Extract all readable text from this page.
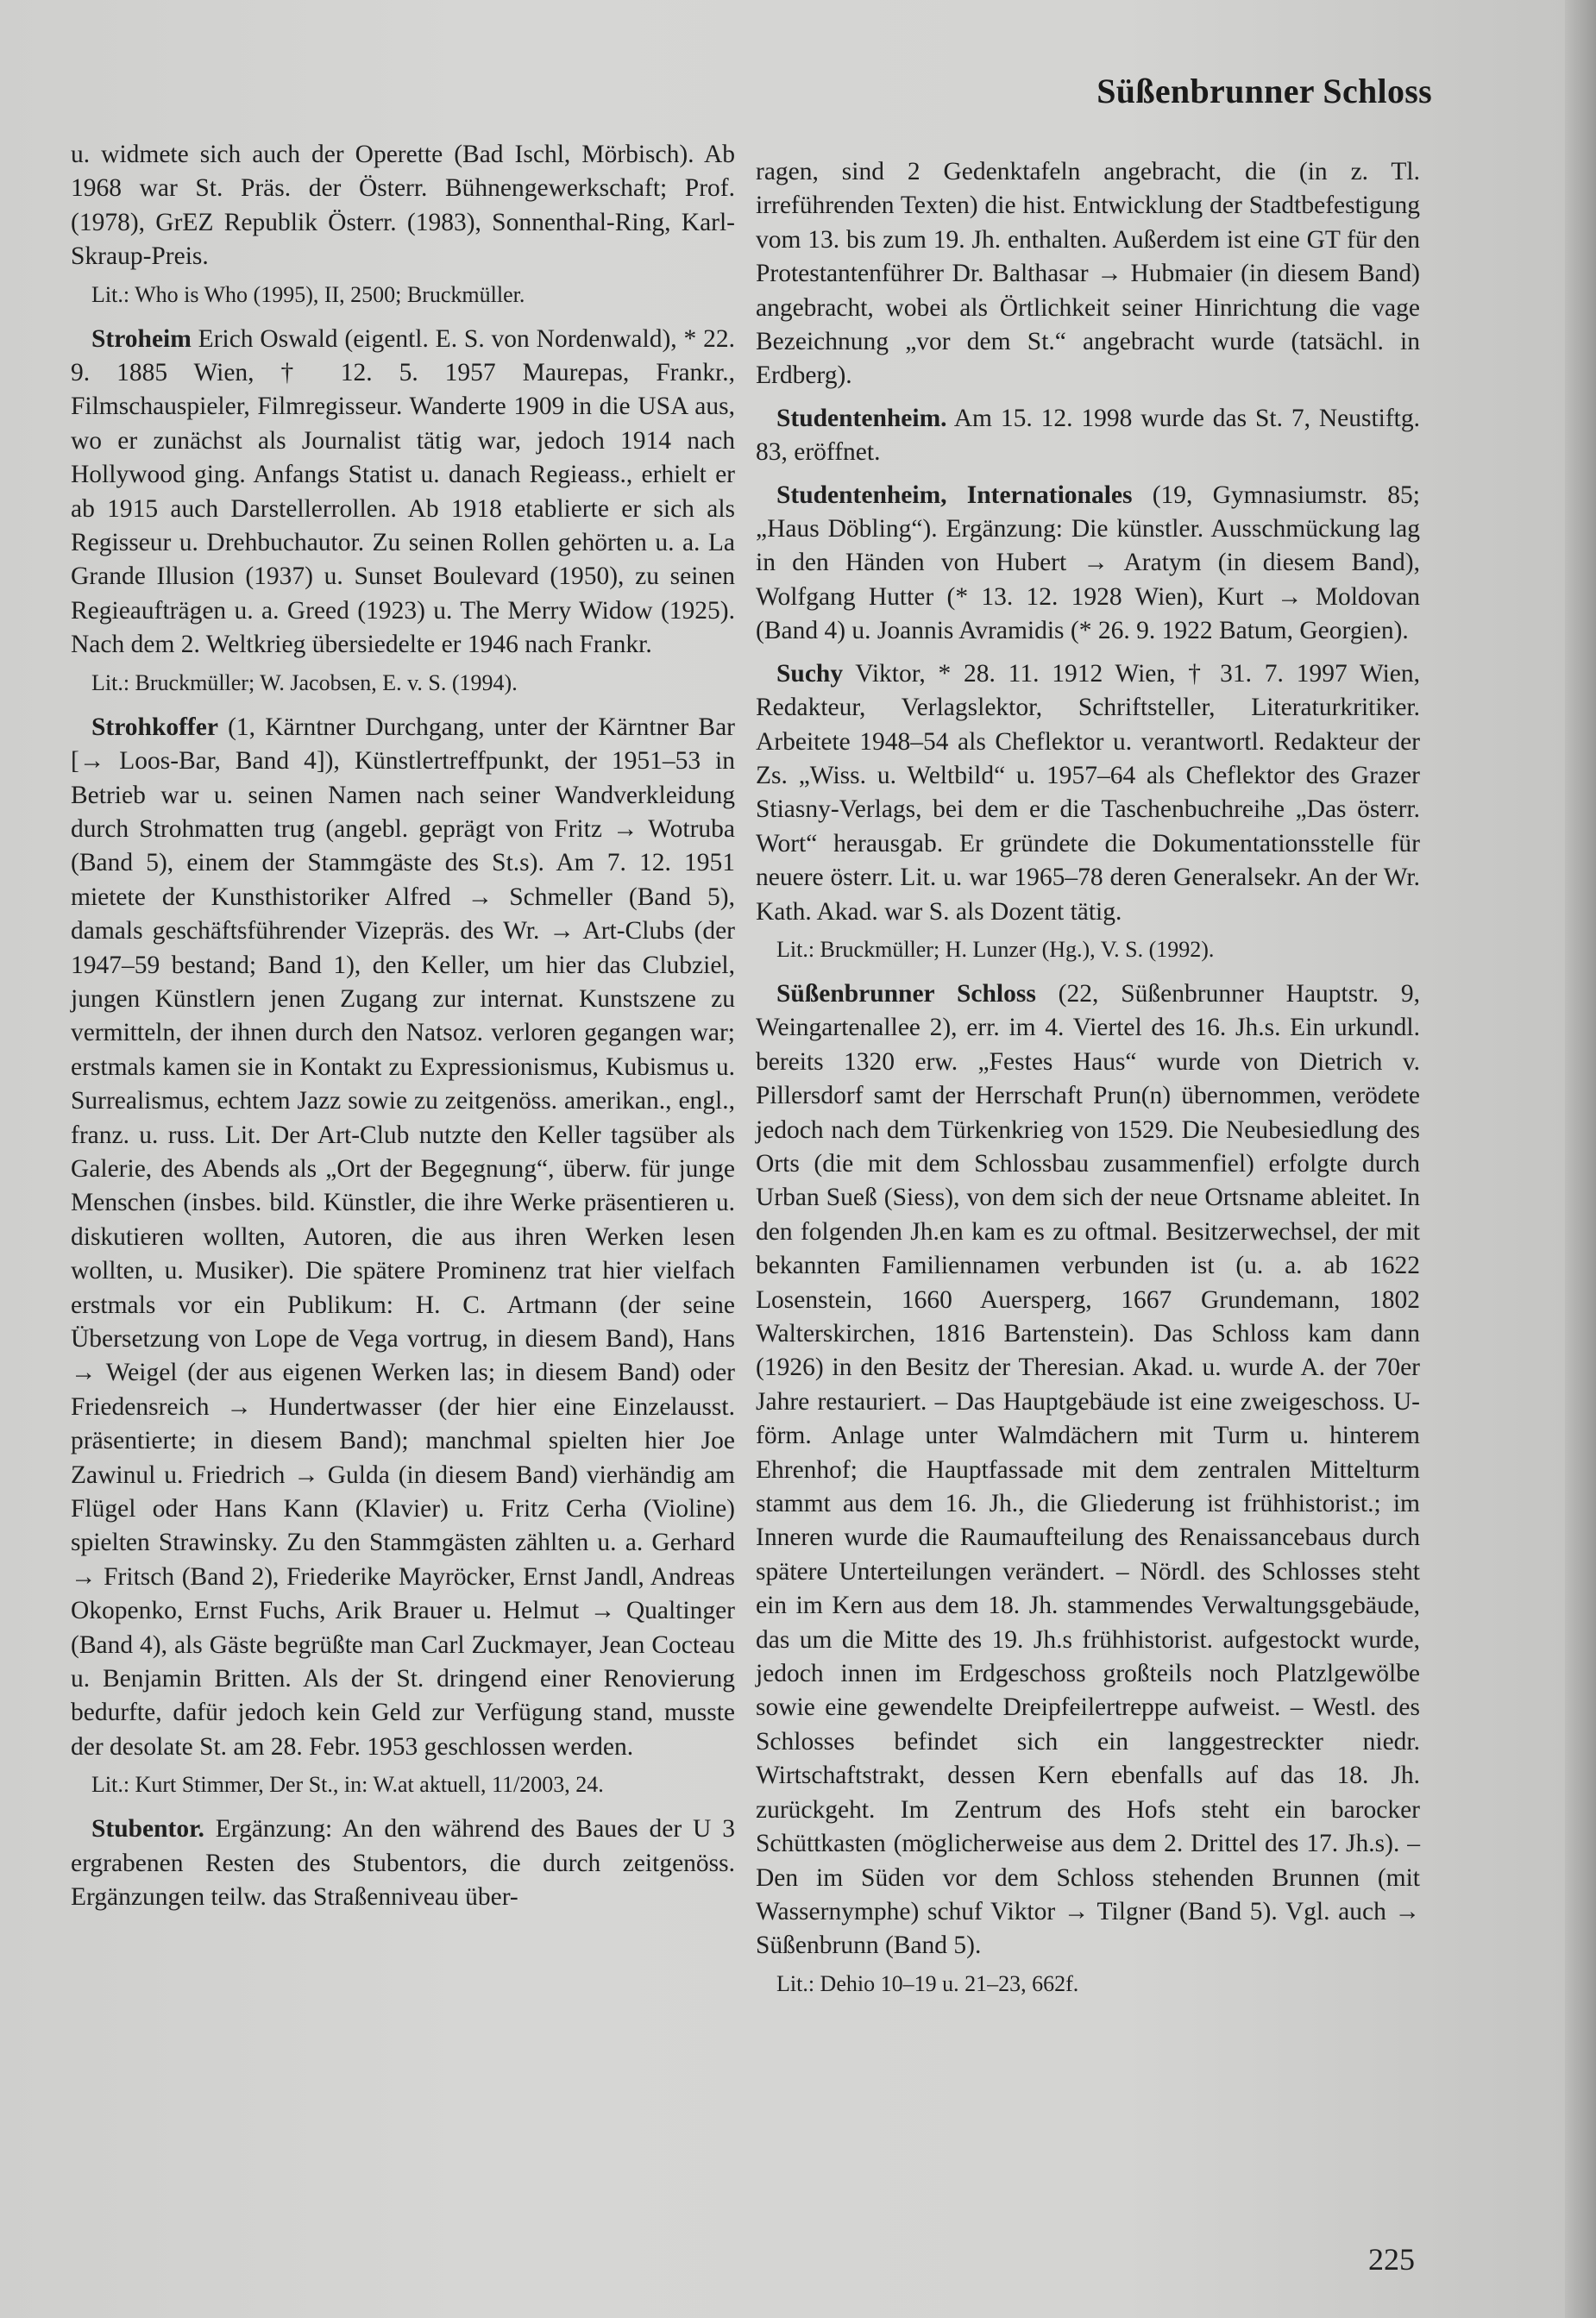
Süßenbrunner Schloss

u. widmete sich auch der Operette (Bad Ischl, Mörbisch). Ab 1968 war St. Präs. der Österr. Bühnengewerkschaft; Prof. (1978), GrEZ Republik Österr. (1983), Sonnenthal-Ring, Karl-Skraup-Preis.

Lit.: Who is Who (1995), II, 2500; Bruckmüller.

Stroheim Erich Oswald (eigentl. E. S. von Nordenwald), * 22. 9. 1885 Wien, † 12. 5. 1957 Maurepas, Frankr., Filmschauspieler, Filmregisseur. Wanderte 1909 in die USA aus, wo er zunächst als Journalist tätig war, jedoch 1914 nach Hollywood ging. Anfangs Statist u. danach Regieass., erhielt er ab 1915 auch Darstellerrollen. Ab 1918 etablierte er sich als Regisseur u. Drehbuchautor. Zu seinen Rollen gehörten u. a. La Grande Illusion (1937) u. Sunset Boulevard (1950), zu seinen Regieaufträgen u. a. Greed (1923) u. The Merry Widow (1925). Nach dem 2. Weltkrieg übersiedelte er 1946 nach Frankr.

Lit.: Bruckmüller; W. Jacobsen, E. v. S. (1994).

Strohkoffer (1, Kärntner Durchgang, unter der Kärntner Bar [→ Loos-Bar, Band 4]), Künstlertreffpunkt, der 1951–53 in Betrieb war u. seinen Namen nach seiner Wandverkleidung durch Strohmatten trug (angebl. geprägt von Fritz → Wotruba (Band 5), einem der Stammgäste des St.s). Am 7. 12. 1951 mietete der Kunsthistoriker Alfred → Schmeller (Band 5), damals geschäftsführender Vizepräs. des Wr. → Art-Clubs (der 1947–59 bestand; Band 1), den Keller, um hier das Clubziel, jungen Künstlern jenen Zugang zur internat. Kunstszene zu vermitteln, der ihnen durch den Natsoz. verloren gegangen war; erstmals kamen sie in Kontakt zu Expressionismus, Kubismus u. Surrealismus, echtem Jazz sowie zu zeitgenöss. amerikan., engl., franz. u. russ. Lit. Der Art-Club nutzte den Keller tagsüber als Galerie, des Abends als „Ort der Begegnung“, überw. für junge Menschen (insbes. bild. Künstler, die ihre Werke präsentieren u. diskutieren wollten, Autoren, die aus ihren Werken lesen wollten, u. Musiker). Die spätere Prominenz trat hier vielfach erstmals vor ein Publikum: H. C. Artmann (der seine Übersetzung von Lope de Vega vortrug, in diesem Band), Hans → Weigel (der aus eigenen Werken las; in diesem Band) oder Friedensreich → Hundertwasser (der hier eine Einzelausst. präsentierte; in diesem Band); manchmal spielten hier Joe Zawinul u. Friedrich → Gulda (in diesem Band) vierhändig am Flügel oder Hans Kann (Klavier) u. Fritz Cerha (Violine) spielten Strawinsky. Zu den Stammgästen zählten u. a. Gerhard → Fritsch (Band 2), Friederike Mayröcker, Ernst Jandl, Andreas Okopenko, Ernst Fuchs, Arik Brauer u. Helmut → Qualtinger (Band 4), als Gäste begrüßte man Carl Zuckmayer, Jean Cocteau u. Benjamin Britten. Als der St. dringend einer Renovierung bedurfte, dafür jedoch kein Geld zur Verfügung stand, musste der desolate St. am 28. Febr. 1953 geschlossen werden.

Lit.: Kurt Stimmer, Der St., in: W.at aktuell, 11/2003, 24.

Stubentor. Ergänzung: An den während des Baues der U 3 ergrabenen Resten des Stubentors, die durch zeitgenöss. Ergänzungen teilw. das Straßenniveau über-

ragen, sind 2 Gedenktafeln angebracht, die (in z. Tl. irreführenden Texten) die hist. Entwicklung der Stadtbefestigung vom 13. bis zum 19. Jh. enthalten. Außerdem ist eine GT für den Protestantenführer Dr. Balthasar → Hubmaier (in diesem Band) angebracht, wobei als Örtlichkeit seiner Hinrichtung die vage Bezeichnung „vor dem St.“ angebracht wurde (tatsächl. in Erdberg).

Studentenheim. Am 15. 12. 1998 wurde das St. 7, Neustiftg. 83, eröffnet.

Studentenheim, Internationales (19, Gymnasiumstr. 85; „Haus Döbling“). Ergänzung: Die künstler. Ausschmückung lag in den Händen von Hubert → Aratym (in diesem Band), Wolfgang Hutter (* 13. 12. 1928 Wien), Kurt → Moldovan (Band 4) u. Joannis Avramidis (* 26. 9. 1922 Batum, Georgien).

Suchy Viktor, * 28. 11. 1912 Wien, † 31. 7. 1997 Wien, Redakteur, Verlagslektor, Schriftsteller, Literaturkritiker. Arbeitete 1948–54 als Cheflektor u. verantwortl. Redakteur der Zs. „Wiss. u. Weltbild“ u. 1957–64 als Cheflektor des Grazer Stiasny-Verlags, bei dem er die Taschenbuchreihe „Das österr. Wort“ herausgab. Er gründete die Dokumentationsstelle für neuere österr. Lit. u. war 1965–78 deren Generalsekr. An der Wr. Kath. Akad. war S. als Dozent tätig.

Lit.: Bruckmüller; H. Lunzer (Hg.), V. S. (1992).

Süßenbrunner Schloss (22, Süßenbrunner Hauptstr. 9, Weingartenallee 2), err. im 4. Viertel des 16. Jh.s. Ein urkundl. bereits 1320 erw. „Festes Haus“ wurde von Dietrich v. Pillersdorf samt der Herrschaft Prun(n) übernommen, verödete jedoch nach dem Türkenkrieg von 1529. Die Neubesiedlung des Orts (die mit dem Schlossbau zusammenfiel) erfolgte durch Urban Sueß (Siess), von dem sich der neue Ortsname ableitet. In den folgenden Jh.en kam es zu oftmal. Besitzerwechsel, der mit bekannten Familiennamen verbunden ist (u. a. ab 1622 Losenstein, 1660 Auersperg, 1667 Grundemann, 1802 Walterskirchen, 1816 Bartenstein). Das Schloss kam dann (1926) in den Besitz der Theresian. Akad. u. wurde A. der 70er Jahre restauriert. – Das Hauptgebäude ist eine zweigeschoss. U-förm. Anlage unter Walmdächern mit Turm u. hinterem Ehrenhof; die Hauptfassade mit dem zentralen Mittelturm stammt aus dem 16. Jh., die Gliederung ist frühhistorist.; im Inneren wurde die Raumaufteilung des Renaissancebaus durch spätere Unterteilungen verändert. – Nördl. des Schlosses steht ein im Kern aus dem 18. Jh. stammendes Verwaltungsgebäude, das um die Mitte des 19. Jh.s frühhistorist. aufgestockt wurde, jedoch innen im Erdgeschoss großteils noch Platzlgewölbe sowie eine gewendelte Dreipfeilertreppe aufweist. – Westl. des Schlosses befindet sich ein langgestreckter niedr. Wirtschaftstrakt, dessen Kern ebenfalls auf das 18. Jh. zurückgeht. Im Zentrum des Hofs steht ein barocker Schüttkasten (möglicherweise aus dem 2. Drittel des 17. Jh.s). – Den im Süden vor dem Schloss stehenden Brunnen (mit Wassernymphe) schuf Viktor → Tilgner (Band 5). Vgl. auch → Süßenbrunn (Band 5).

Lit.: Dehio 10–19 u. 21–23, 662f.

225
